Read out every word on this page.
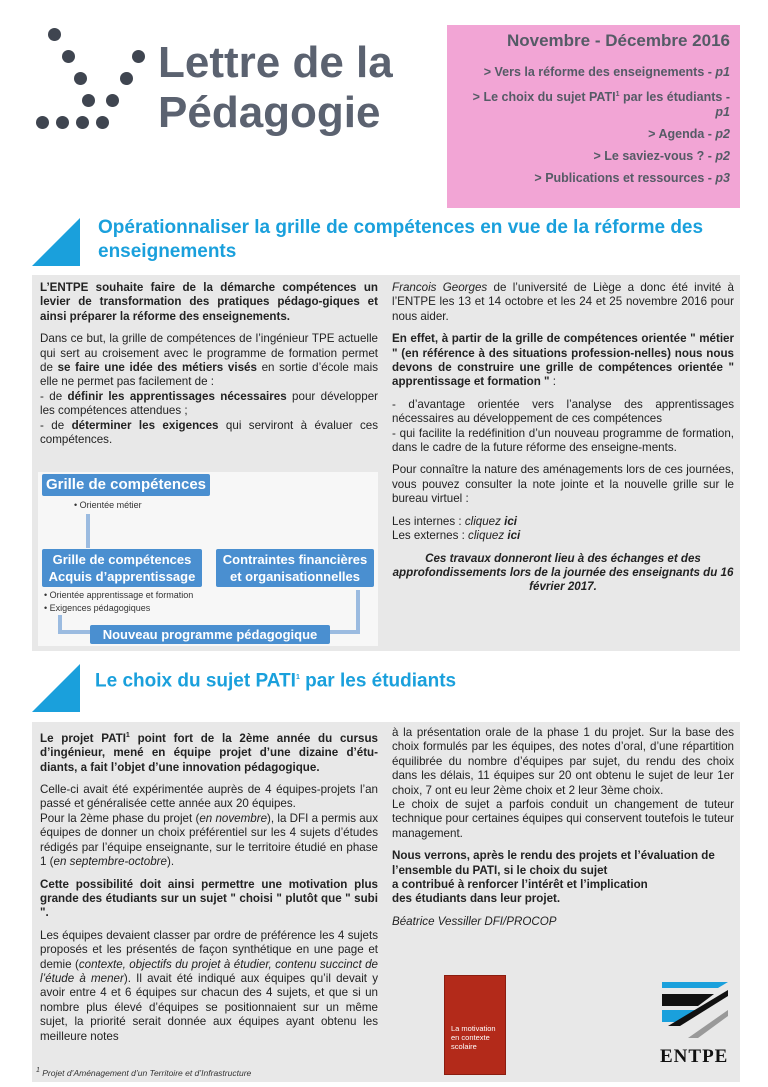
Lettre de la
Pédagogie
Novembre - Décembre 2016
> Vers la réforme des enseignements - p1
> Le choix du sujet PATI$^1$ par les étudiants - p1
> Agenda - p2
> Le saviez-vous ? - p2
> Publications et ressources - p3
Opérationnaliser la grille de compétences en vue de la réforme des enseignements

L’ENTPE souhaite faire de la démarche compétences un levier de transformation des pratiques pédago-giques et ainsi préparer la réforme des enseignements.

Dans ce but, la grille de compétences de l’ingénieur TPE actuelle qui sert au croisement avec le programme de formation permet de se faire une idée des métiers visés en sortie d’école mais elle ne permet pas facilement de :
- de définir les apprentissages nécessaires pour développer les compétences attendues ;
- de déterminer les exigences qui serviront à évaluer ces compétences.

Grille de compétences
• Orientée métier
Grille de compétences
Acquis d’apprentissage
Contraintes financières
et organisationnelles
• Orientée apprentissage et formation
• Exigences pédagogiques
Nouveau programme pédagogique

Francois Georges de l’université de Liège a donc été invité à l’ENTPE les 13 et 14 octobre et les 24 et 25 novembre 2016 pour nous aider.

En effet, à partir de la grille de compétences orientée " métier " (en référence à des situations profession-nelles) nous nous devons de construire une grille de compétences orientée " apprentissage et formation " :

- d’avantage orientée vers l’analyse des apprentissages nécessaires au développement de ces compétences
- qui facilite la redéfinition d’un nouveau programme de formation, dans le cadre de la future réforme des enseigne-ments.

Pour connaître la nature des aménagements lors de ces journées, vous pouvez consulter la note jointe et la nouvelle grille sur le bureau virtuel :

Les internes : cliquez ici
Les externes : cliquez ici

Ces travaux donneront lieu à des échanges et des approfondissements lors de la journée des enseignants du 16 février 2017.

Le choix du sujet PATI$^1$ par les étudiants

Le projet PATI$^1$ point fort de la 2ème année du cursus d’ingénieur, mené en équipe projet d’une dizaine d’étu-diants, a fait l’objet d’une innovation pédagogique.

Celle-ci avait été expérimentée auprès de 4 équipes-projets l’an passé et généralisée cette année aux 20 équipes.
Pour la 2ème phase du projet (en novembre), la DFI a permis aux équipes de donner un choix préférentiel sur les 4 sujets d’études rédigés par l’équipe enseignante, sur le territoire étudié en phase 1 (en septembre-octobre).

Cette possibilité doit ainsi permettre une motivation plus grande des étudiants sur un sujet " choisi " plutôt que " subi ".

Les équipes devaient classer par ordre de préférence les 4 sujets proposés et les présentés de façon synthétique en une page et demie (contexte, objectifs du projet à étudier, contenu succinct de l’étude à mener). Il avait été indiqué aux équipes qu’il devait y avoir entre 4 et 6 équipes sur chacun des 4 sujets, et que si un nombre plus élevé d’équipes se positionnaient sur un même sujet, la priorité serait donnée aux équipes ayant obtenu les meilleure notes

à la présentation orale de la phase 1 du projet. Sur la base des choix formulés par les équipes, des notes d’oral, d’une répartition équilibrée du nombre d’équipes par sujet, du rendu des choix dans les délais, 11 équipes sur 20 ont obtenu le sujet de leur 1er choix, 7 ont eu leur 2ème choix et 2 leur 3ème choix.
Le choix de sujet a parfois conduit un changement de tuteur technique pour certaines équipes qui conservent toutefois le tuteur management.

Nous verrons, après le rendu des projets et l’évaluation de l’ensemble du PATI, si le choix du sujet
a contribué à renforcer l’intérêt et l’implication
des étudiants dans leur projet.

Béatrice Vessiller DFI/PROCOP

La motivation en contexte scolaire	ENTPE
$^1$ Projet d’Aménagement d’un Territoire et d’Infrastructure
